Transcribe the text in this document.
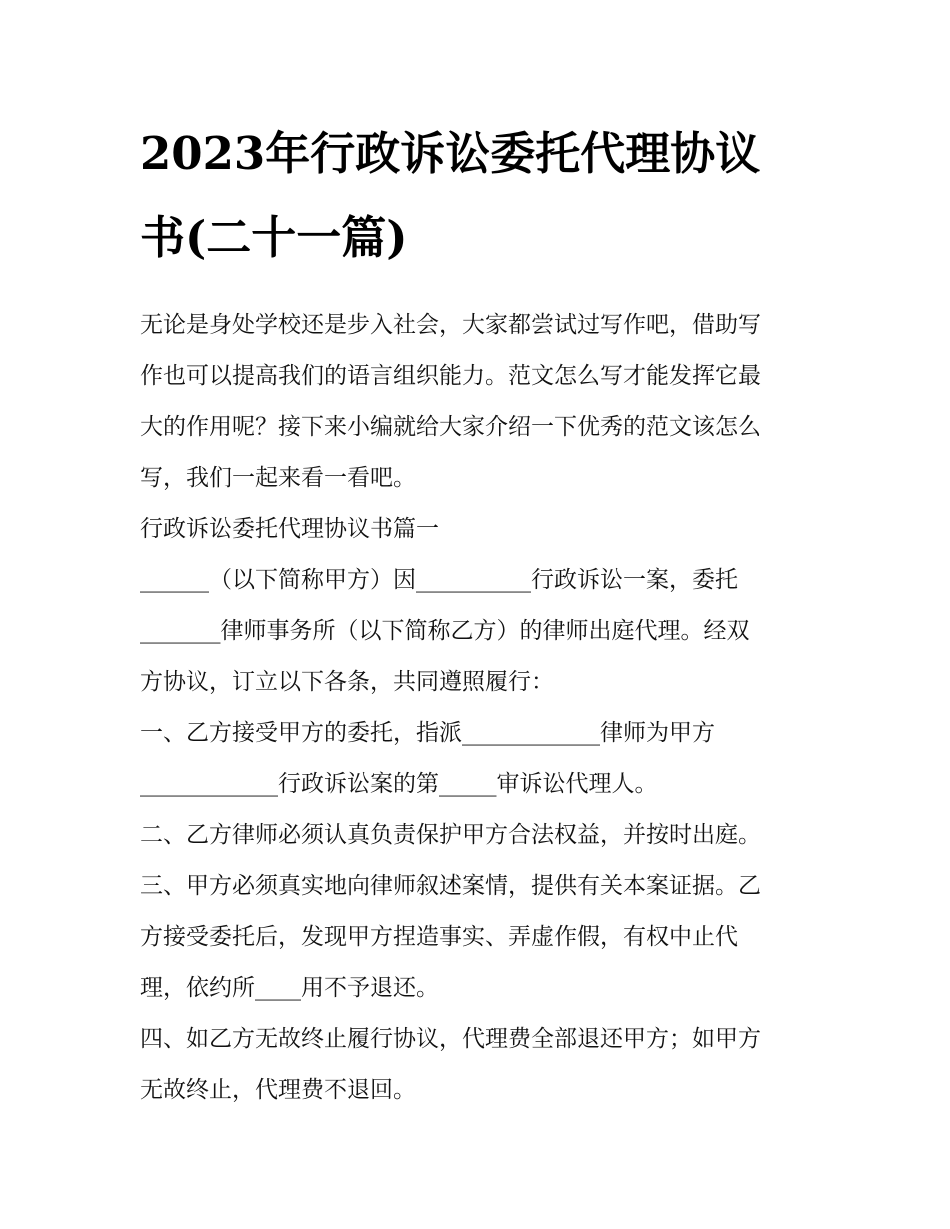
2023年行政诉讼委托代理协议
书(二十一篇)

无论是身处学校还是步入社会，大家都尝试过写作吧，借助写
作也可以提高我们的语言组织能力。范文怎么写才能发挥它最
大的作用呢？接下来小编就给大家介绍一下优秀的范文该怎么
写，我们一起来看一看吧。

行政诉讼委托代理协议书篇一

______（以下简称甲方）因__________行政诉讼一案，委托
_______律师事务所（以下简称乙方）的律师出庭代理。经双
方协议，订立以下各条，共同遵照履行：
一、乙方接受甲方的委托，指派____________律师为甲方
____________行政诉讼案的第_____审诉讼代理人。
二、乙方律师必须认真负责保护甲方合法权益，并按时出庭。
三、甲方必须真实地向律师叙述案情，提供有关本案证据。乙
方接受委托后，发现甲方捏造事实、弄虚作假，有权中止代
理，依约所____用不予退还。
四、如乙方无故终止履行协议，代理费全部退还甲方；如甲方
无故终止，代理费不退回。
